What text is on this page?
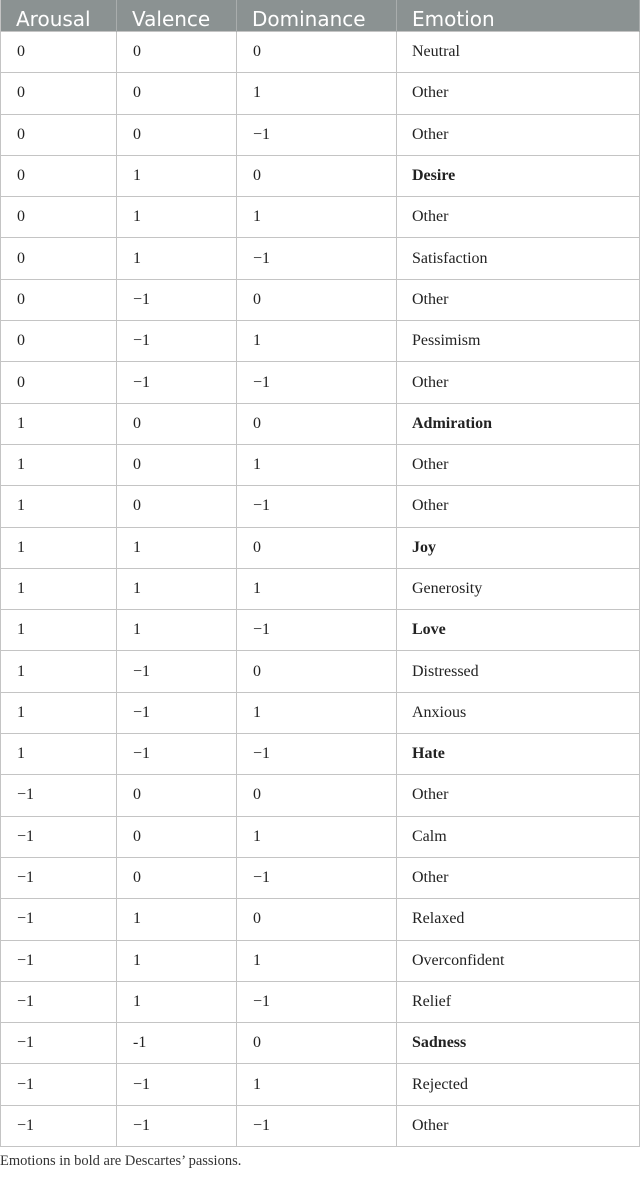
Arousal	Valence	Dominance	Emotion
0	0	0	Neutral
0	0	1	Other
0	0	−1	Other
0	1	0	Desire
0	1	1	Other
0	1	−1	Satisfaction
0	−1	0	Other
0	−1	1	Pessimism
0	−1	−1	Other
1	0	0	Admiration
1	0	1	Other
1	0	−1	Other
1	1	0	Joy
1	1	1	Generosity
1	1	−1	Love
1	−1	0	Distressed
1	−1	1	Anxious
1	−1	−1	Hate
−1	0	0	Other
−1	0	1	Calm
−1	0	−1	Other
−1	1	0	Relaxed
−1	1	1	Overconfident
−1	1	−1	Relief
−1	-1	0	Sadness
−1	−1	1	Rejected
−1	−1	−1	Other
Emotions in bold are Descartes’ passions.
